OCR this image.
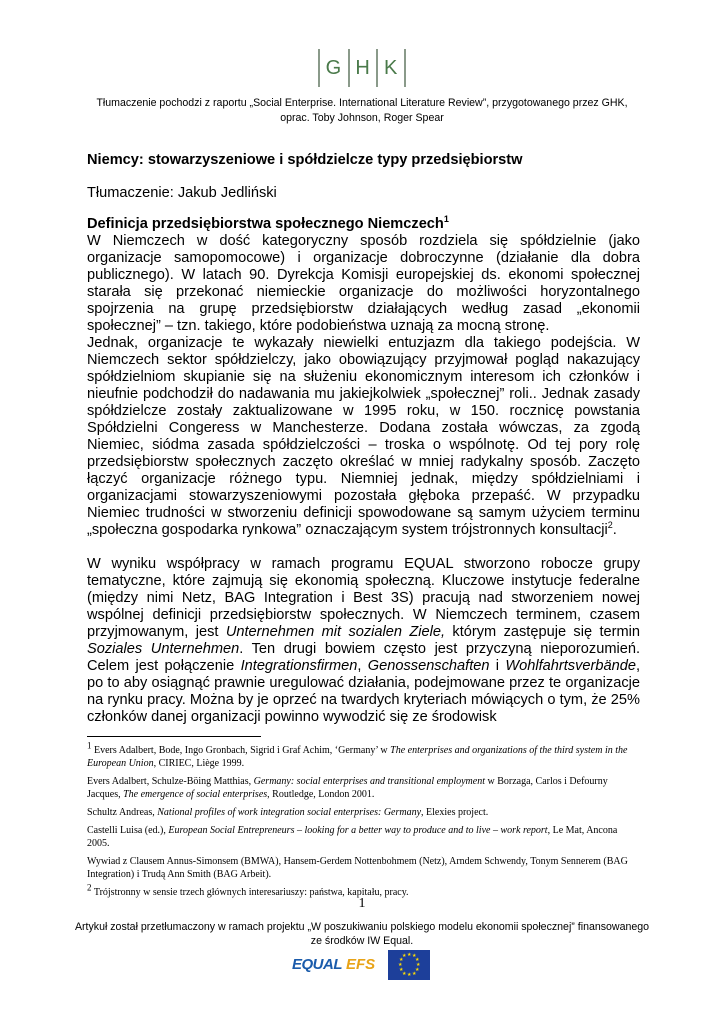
G H K
Tłumaczenie pochodzi z raportu „Social Enterprise. International Literature Review”, przygotowanego przez GHK,
oprac. Toby Johnson, Roger Spear
Niemcy: stowarzyszeniowe i spółdzielcze typy przedsiębiorstw
Tłumaczenie: Jakub Jedliński

Definicja przedsiębiorstwa społecznego Niemczech$^1$

W Niemczech w dość kategoryczny sposób rozdziela się spółdzielnie (jako organizacje samopomocowe) i organizacje dobroczynne (działanie dla dobra publicznego). W latach 90. Dyrekcja Komisji europejskiej ds. ekonomi społecznej starała się przekonać niemieckie organizacje do możliwości horyzontalnego spojrzenia na grupę przedsiębiorstw działających według zasad „ekonomii społecznej” – tzn. takiego, które podobieństwa uznają za mocną stronę.

Jednak, organizacje te wykazały niewielki entuzjazm dla takiego podejścia. W Niemczech sektor spółdzielczy, jako obowiązujący przyjmował pogląd nakazujący spółdzielniom skupianie się na służeniu ekonomicznym interesom ich członków i nieufnie podchodził do nadawania mu jakiejkolwiek „społecznej” roli.. Jednak zasady spółdzielcze zostały zaktualizowane w 1995 roku, w 150. rocznicę powstania Spółdzielni Congeress w Manchesterze. Dodana została wówczas, za zgodą Niemiec, siódma zasada spółdzielczości – troska o wspólnotę. Od tej pory rolę przedsiębiorstw społecznych zaczęto określać w mniej radykalny sposób. Zaczęto łączyć organizacje różnego typu. Niemniej jednak, między spółdzielniami i organizacjami stowarzyszeniowymi pozostała głęboka przepaść. W przypadku Niemiec trudności w stworzeniu definicji spowodowane są samym użyciem terminu „społeczna gospodarka rynkowa” oznaczającym system trójstronnych konsultacji$^2$.

W wyniku współpracy w ramach programu EQUAL stworzono robocze grupy tematyczne, które zajmują się ekonomią społeczną. Kluczowe instytucje federalne (między nimi Netz, BAG Integration i Best 3S) pracują nad stworzeniem nowej wspólnej definicji przedsiębiorstw społecznych. W Niemczech terminem, czasem przyjmowanym, jest Unternehmen mit sozialen Ziele, którym zastępuje się termin Soziales Unternehmen. Ten drugi bowiem często jest przyczyną nieporozumień. Celem jest połączenie Integrationsfirmen, Genossenschaften i Wohlfahrtsverbände, po to aby osiągnąć prawnie uregulować działania, podejmowane przez te organizacje na rynku pracy. Można by je oprzeć na twardych kryteriach mówiących o tym, że 25% członków danej organizacji powinno wywodzić się ze środowisk

$^1$ Evers Adalbert, Bode, Ingo Gronbach, Sigrid i Graf Achim, ‘Germany’ w The enterprises and organizations of the third system in the European Union, CIRIEC, Liège 1999.

Evers Adalbert, Schulze-Böing Matthias, Germany: social enterprises and transitional employment w Borzaga, Carlos i Defourny Jacques, The emergence of social enterprises, Routledge, London 2001.

Schultz Andreas, National profiles of work integration social enterprises: Germany, Elexies project.

Castelli Luisa (ed.), European Social Entrepreneurs – looking for a better way to produce and to live – work report, Le Mat, Ancona 2005.

Wywiad z Clausem Annus-Simonsem (BMWA), Hansem-Gerdem Nottenbohmem (Netz), Arndem Schwendy, Tonym Sennerem (BAG Integration) i Trudą Ann Smith (BAG Arbeit).

$^2$ Trójstronny w sensie trzech głównych interesariuszy: państwa, kapitału, pracy.

1
Artykuł został przetłumaczony w ramach projektu „W poszukiwaniu polskiego modelu ekonomii społecznej” finansowanego
ze środków IW Equal.
EQUAL EFS
★ ★
★
★
★
★
★
★
★
★
★
★
